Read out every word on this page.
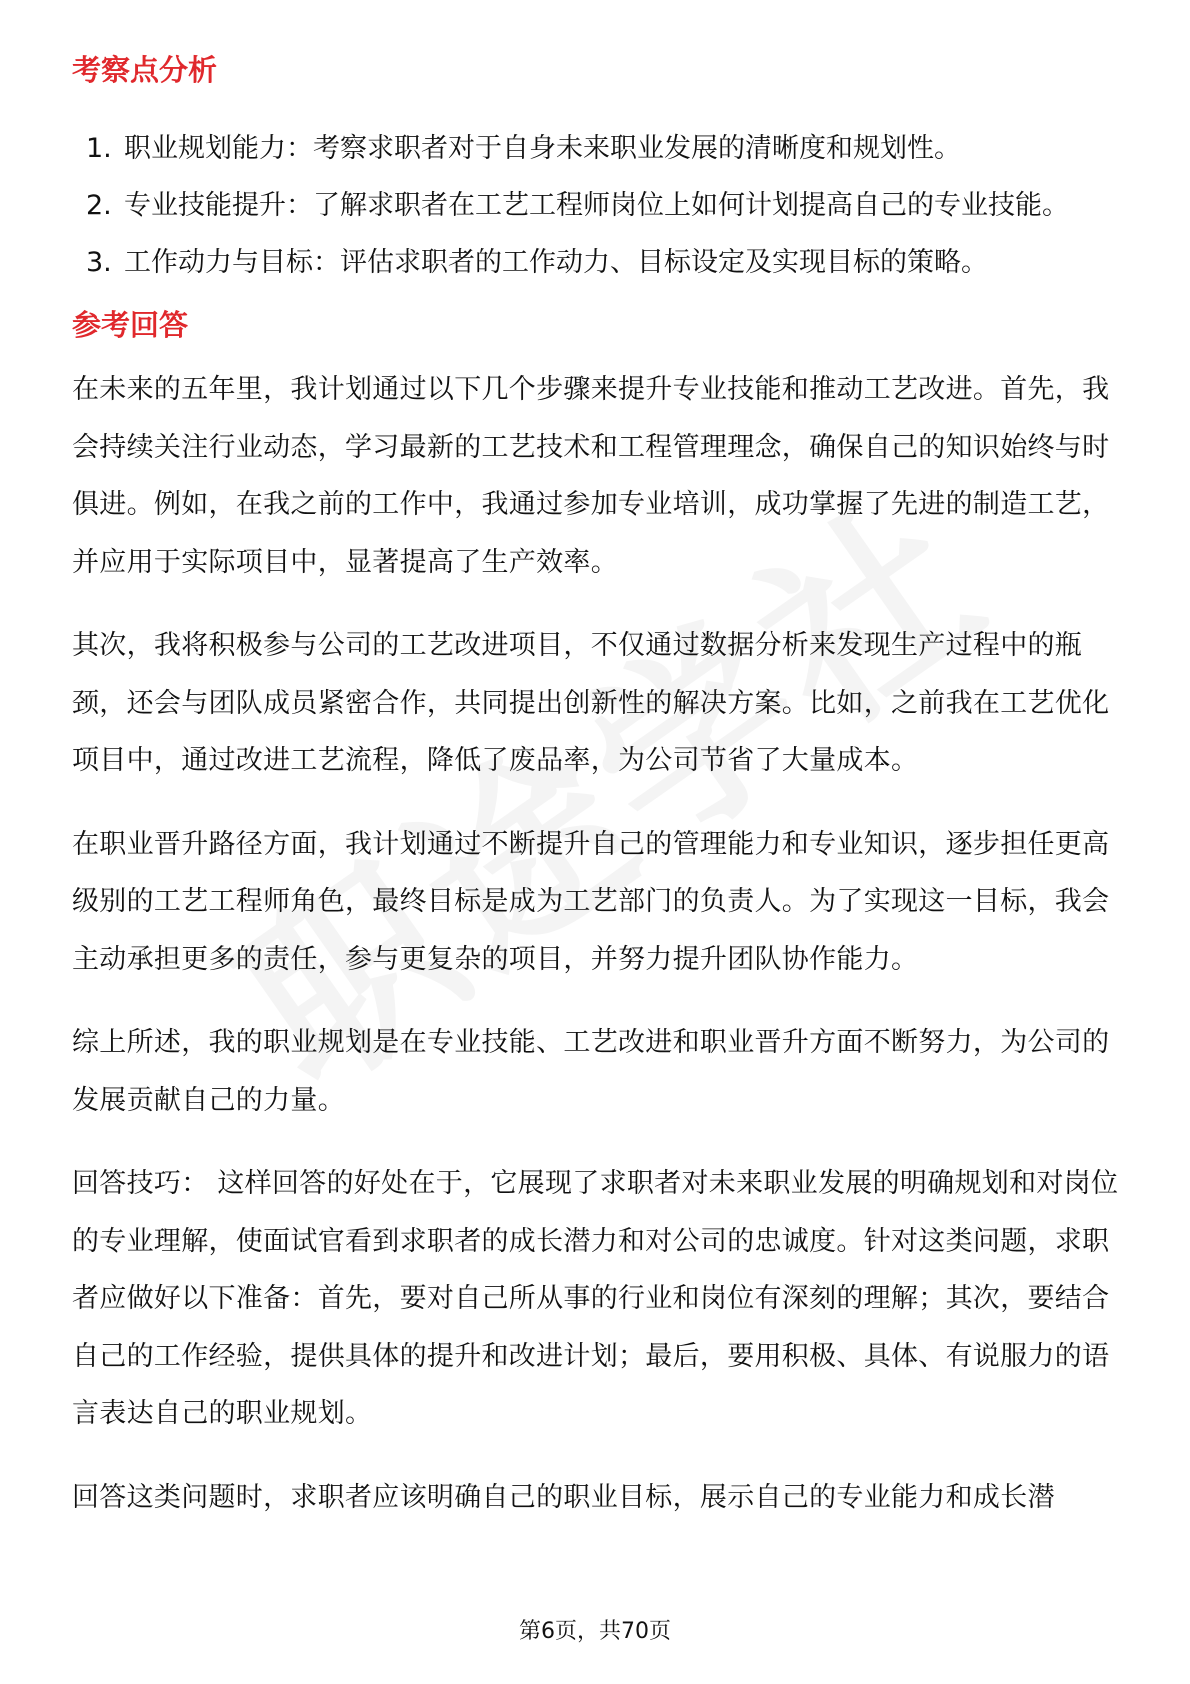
考察点分析
1. 职业规划能力：考察求职者对于自身未来职业发展的清晰度和规划性。
2. 专业技能提升：了解求职者在工艺工程师岗位上如何计划提高自己的专业技能。
3. 工作动力与目标：评估求职者的工作动力、目标设定及实现目标的策略。
参考回答

在未来的五年里，我计划通过以下几个步骤来提升专业技能和推动工艺改进。首先，我会持续关注行业动态，学习最新的工艺技术和工程管理理念，确保自己的知识始终与时俱进。例如，在我之前的工作中，我通过参加专业培训，成功掌握了先进的制造工艺，并应用于实际项目中，显著提高了生产效率。

其次，我将积极参与公司的工艺改进项目，不仅通过数据分析来发现生产过程中的瓶颈，还会与团队成员紧密合作，共同提出创新性的解决方案。比如，之前我在工艺优化项目中，通过改进工艺流程，降低了废品率，为公司节省了大量成本。

在职业晋升路径方面，我计划通过不断提升自己的管理能力和专业知识，逐步担任更高级别的工艺工程师角色，最终目标是成为工艺部门的负责人。为了实现这一目标，我会主动承担更多的责任，参与更复杂的项目，并努力提升团队协作能力。

综上所述，我的职业规划是在专业技能、工艺改进和职业晋升方面不断努力，为公司的发展贡献自己的力量。

回答技巧： 这样回答的好处在于，它展现了求职者对未来职业发展的明确规划和对岗位的专业理解，使面试官看到求职者的成长潜力和对公司的忠诚度。针对这类问题，求职者应做好以下准备：首先，要对自己所从事的行业和岗位有深刻的理解；其次，要结合自己的工作经验，提供具体的提升和改进计划；最后，要用积极、具体、有说服力的语言表达自己的职业规划。

回答这类问题时，求职者应该明确自己的职业目标，展示自己的专业能力和成长潜

第6页，共70页
